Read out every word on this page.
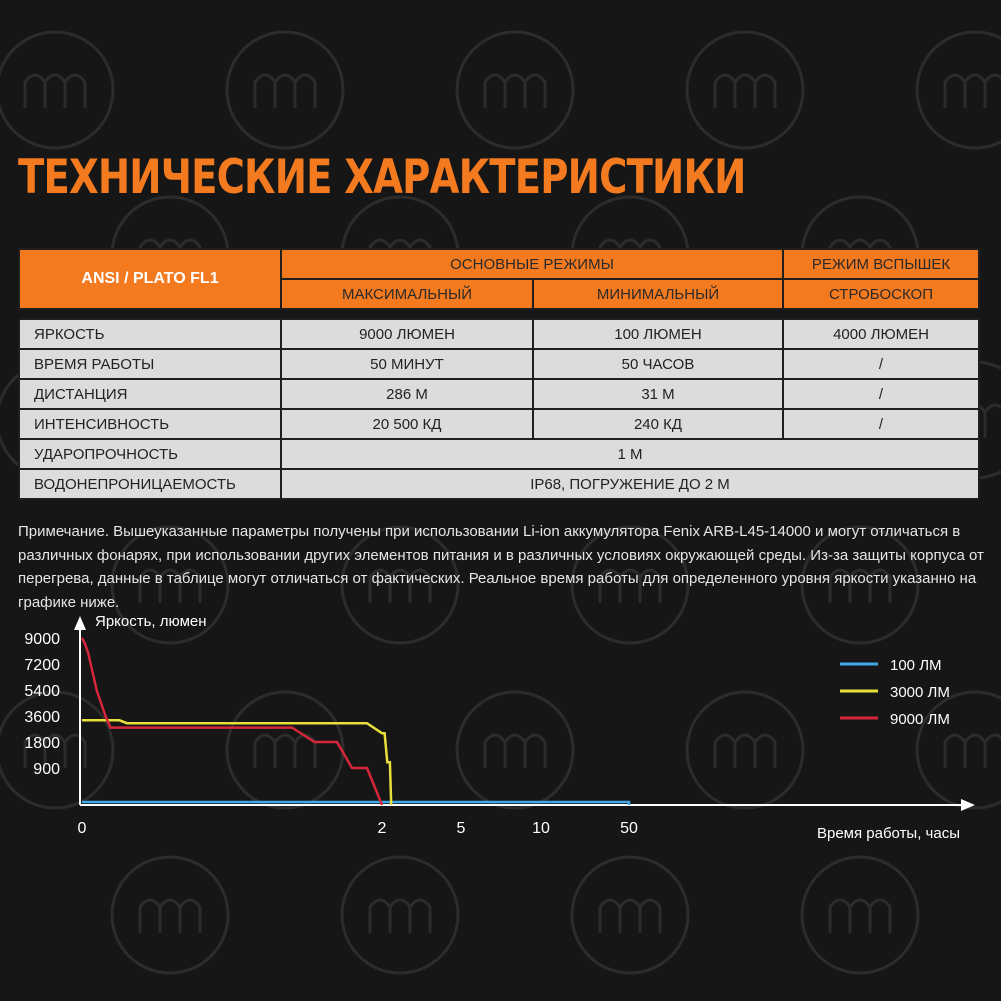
ТЕХНИЧЕСКИЕ ХАРАКТЕРИСТИКИ
ANSI / PLATO FL1	ОСНОВНЫЕ РЕЖИМЫ		РЕЖИМ ВСПЫШЕК
	МАКСИМАЛЬНЫЙ	МИНИМАЛЬНЫЙ	СТРОБОСКОП

ЯРКОСТЬ	9000 ЛЮМЕН	100 ЛЮМЕН	4000 ЛЮМЕН
ВРЕМЯ РАБОТЫ	50 МИНУТ	50 ЧАСОВ	/
ДИСТАНЦИЯ	286 М	31 М	/
ИНТЕНСИВНОСТЬ	20 500 КД	240 КД	/
УДАРОПРОЧНОСТЬ	1 М		
ВОДОНЕПРОНИЦАЕМОСТЬ	IP68, ПОГРУЖЕНИЕ ДО 2 М		

Примечание. Вышеуказанные параметры получены при использовании Li-ion аккумулятора Fenix ARB-L45-14000 и могут отличаться в различных фонарях, при использовании других элементов питания и в различных условиях окружающей среды. Из-за защиты корпуса от перегрева, данные в таблице могут отличаться от фактических. Реальное время работы для определенного уровня яркости указанно на графике ниже.

9000
7200
5400
3600
1800
900
0	2	5	10	50
Яркость, люмен
Время работы, часы
100 ЛМ
3000 ЛМ
9000 ЛМ
